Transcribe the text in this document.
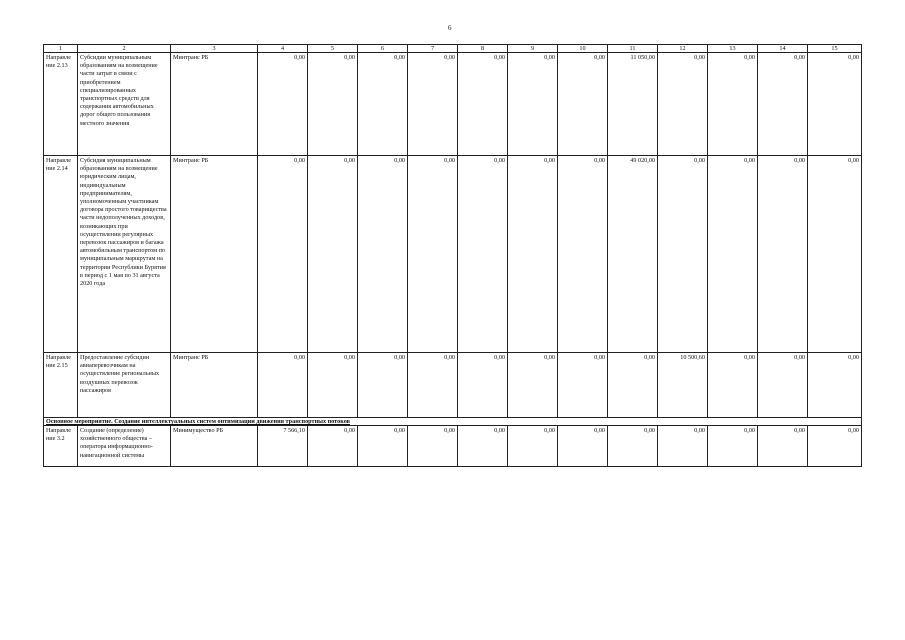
6
1	2	3	4	5	6	7	8	9	10	11	12	13	14	15
Направле
ние 2.13	Субсидии муниципальным образованиям на возмещение части затрат в связи с приобретением специализированных транспортных средств для содержания автомобильных дорог общего пользования местного значения	Минтранс РБ	0,00	0,00	0,00	0,00	0,00	0,00	0,00	11 050,00	0,00	0,00	0,00	0,00
Направле
ние 2.14	Субсидия муниципальным образованиям на возмещение юридическим лицам, индивидуальным предпринимателям, уполномоченным участникам договора простого товарищества части недополученных доходов, возникающих при осуществлении регулярных перевозок пассажиров и багажа автомобильным транспортом по муниципальным маршрутам на территории Республики Бурятия в период с 1 мая по 31 августа 2020 года	Минтранс РБ	0,00	0,00	0,00	0,00	0,00	0,00	0,00	49 020,00	0,00	0,00	0,00	0,00
Направле
ние 2.15	Предоставление субсидии авиаперевозчикам на осуществление региональных воздушных перевозок пассажиров	Минтранс РБ	0,00	0,00	0,00	0,00	0,00	0,00	0,00	0,00	10 500,60	0,00	0,00	0,00
Основное мероприятие. Создание интеллектуальных систем оптимизации движения транспортных потоков														
Направле
ние 3.2	Создание (определение) хозяйственного общества – оператора информационно-навигационной системы	Минимущество РБ	7 566,10	0,00	0,00	0,00	0,00	0,00	0,00	0,00	0,00	0,00	0,00	0,00
